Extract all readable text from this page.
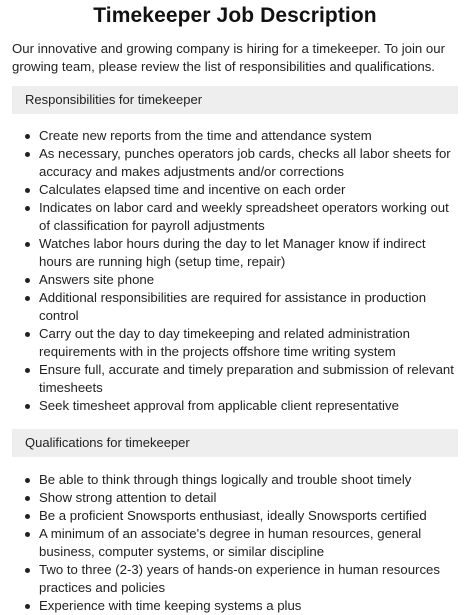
Timekeeper Job Description

Our innovative and growing company is hiring for a timekeeper. To join our growing team, please review the list of responsibilities and qualifications.

Responsibilities for timekeeper
Create new reports from the time and attendance system
As necessary, punches operators job cards, checks all labor sheets for accuracy and makes adjustments and/or corrections
Calculates elapsed time and incentive on each order
Indicates on labor card and weekly spreadsheet operators working out of classification for payroll adjustments
Watches labor hours during the day to let Manager know if indirect hours are running high (setup time, repair)
Answers site phone
Additional responsibilities are required for assistance in production control
Carry out the day to day timekeeping and related administration requirements with in the projects offshore time writing system
Ensure full, accurate and timely preparation and submission of relevant timesheets
Seek timesheet approval from applicable client representative
Qualifications for timekeeper
Be able to think through things logically and trouble shoot timely
Show strong attention to detail
Be a proficient Snowsports enthusiast, ideally Snowsports certified
A minimum of an associate's degree in human resources, general business, computer systems, or similar discipline
Two to three (2-3) years of hands-on experience in human resources practices and policies
Experience with time keeping systems a plus
